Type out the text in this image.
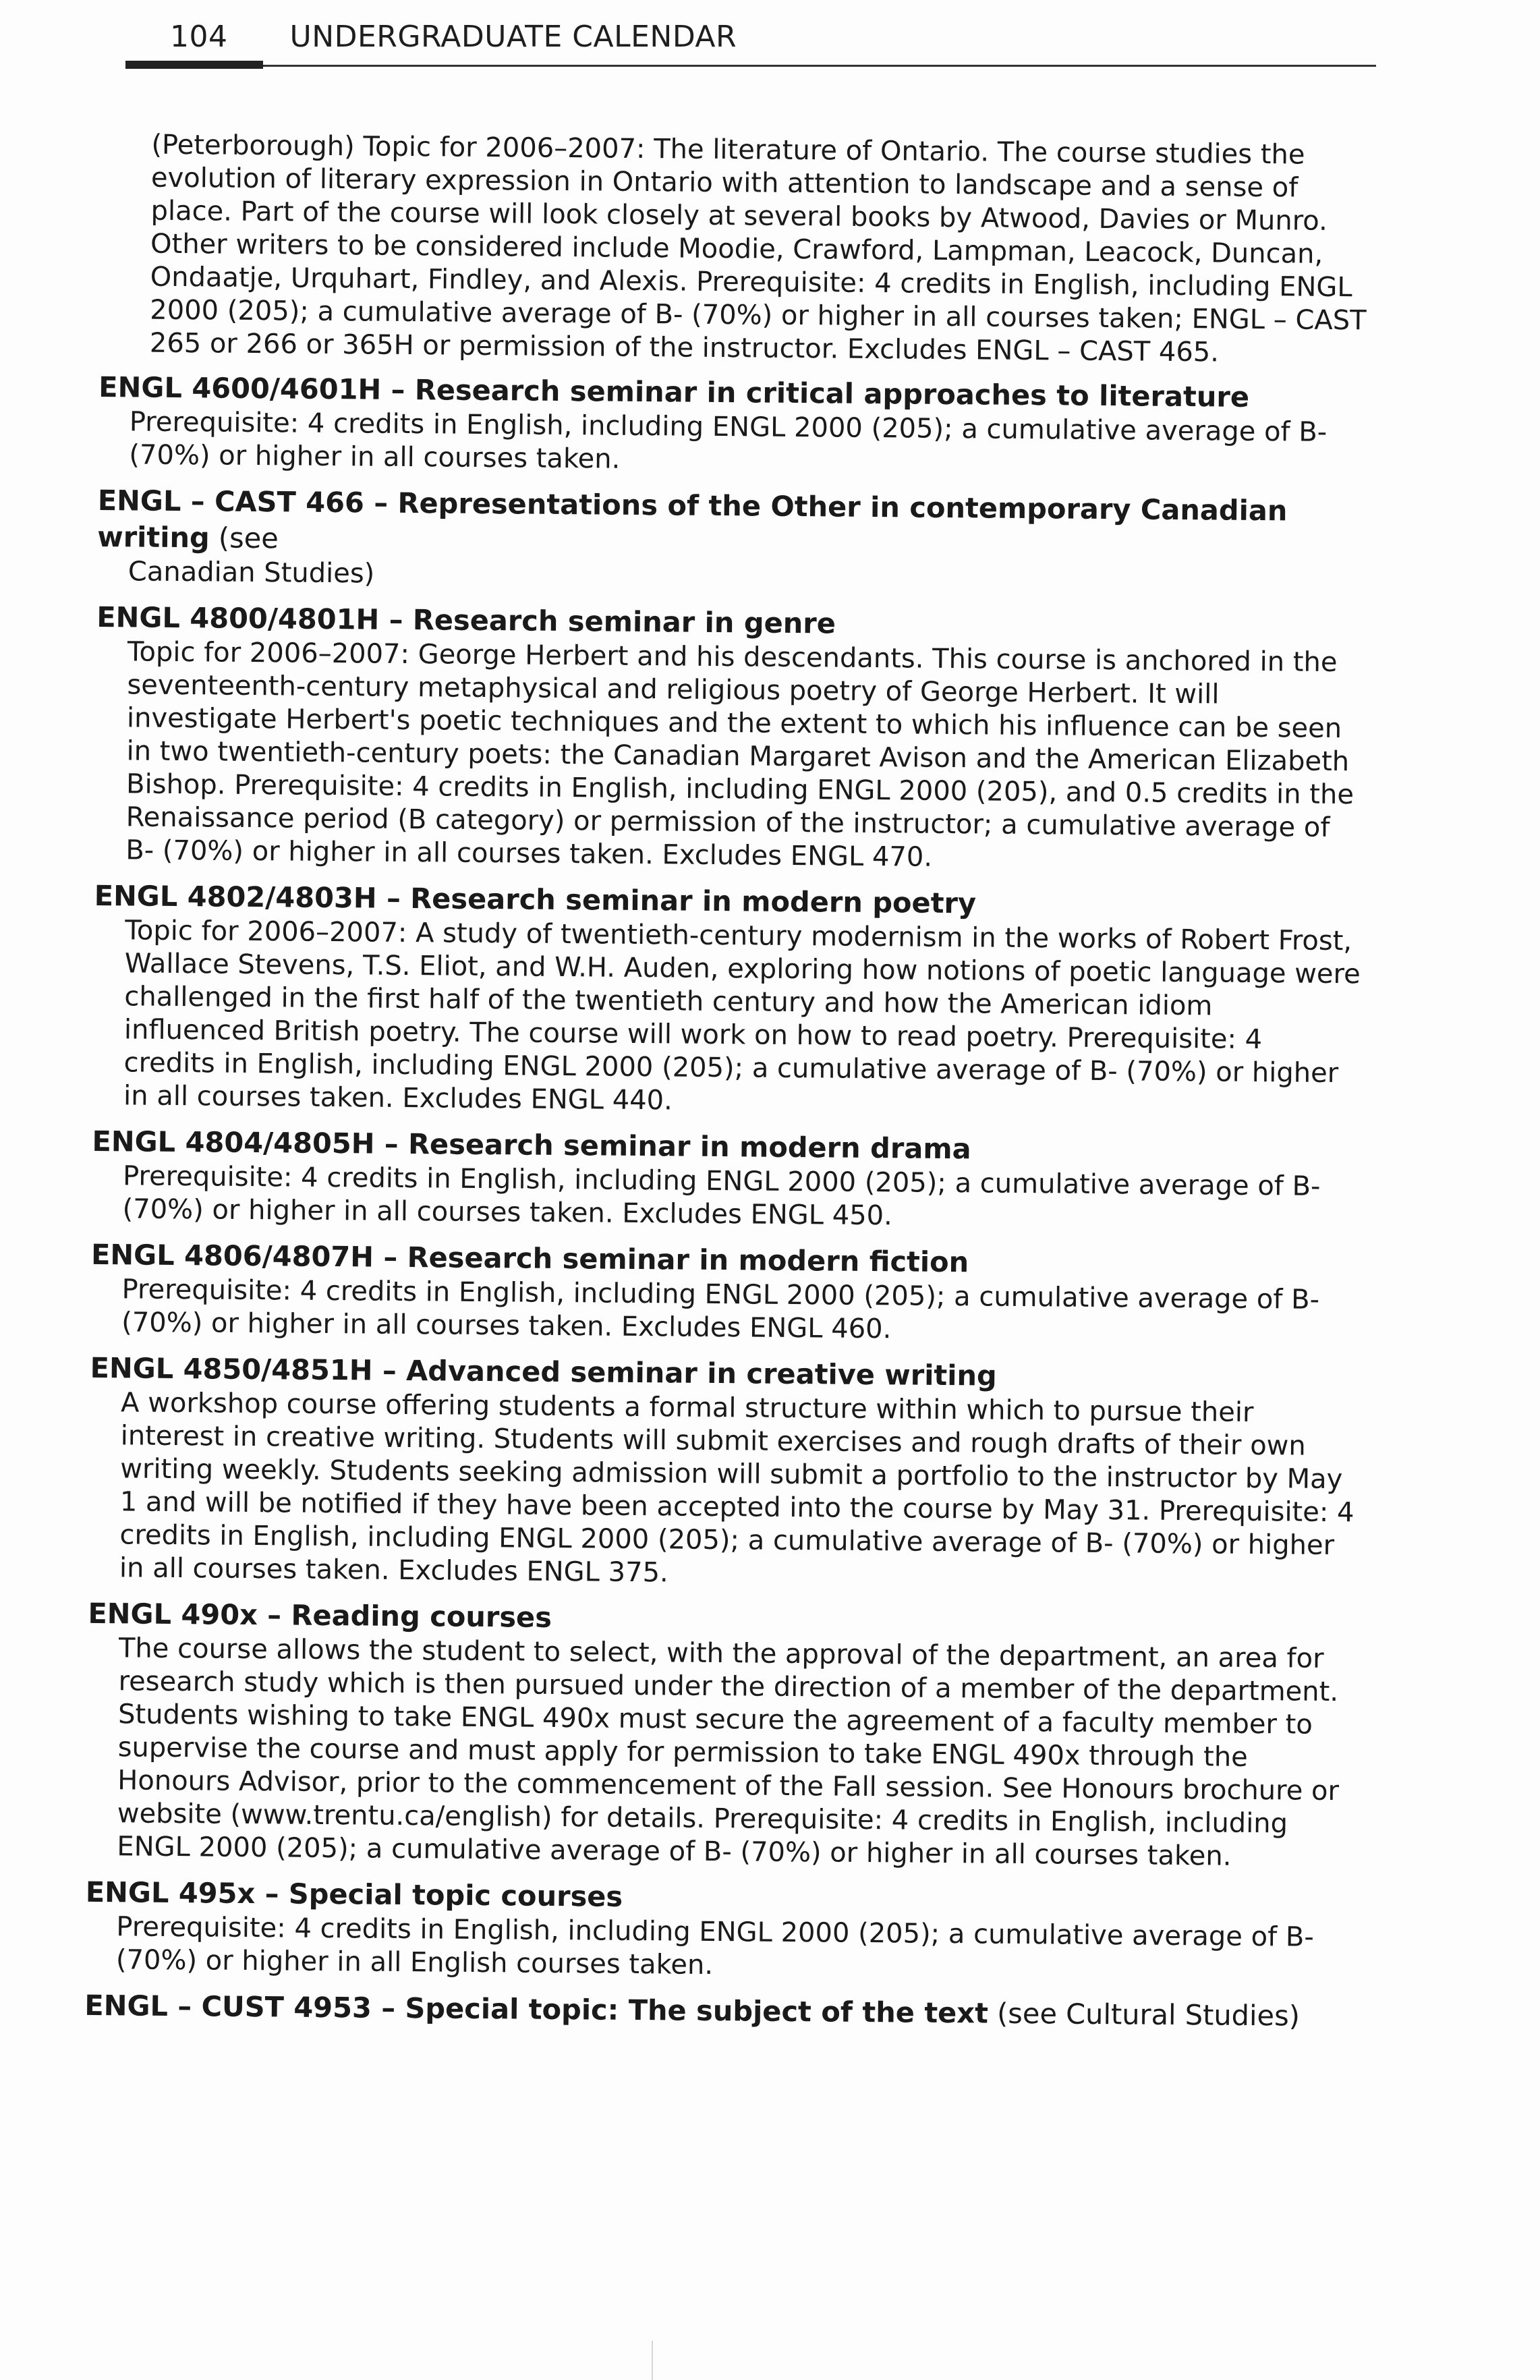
104 UNDERGRADUATE CALENDAR

(Peterborough) Topic for 2006–2007: The literature of Ontario. The course studies the evolution of literary expression in Ontario with attention to landscape and a sense of place. Part of the course will look closely at several books by Atwood, Davies or Munro. Other writers to be considered include Moodie, Crawford, Lampman, Leacock, Duncan, Ondaatje, Urquhart, Findley, and Alexis. Prerequisite: 4 credits in English, including ENGL 2000 (205); a cumulative average of B- (70%) or higher in all courses taken; ENGL – CAST 265 or 266 or 365H or permission of the instructor. Excludes ENGL – CAST 465.

ENGL 4600/4601H – Research seminar in critical approaches to literature
Prerequisite: 4 credits in English, including ENGL 2000 (205); a cumulative average of B- (70%) or higher in all courses taken.
ENGL – CAST 466 – Representations of the Other in contemporary Canadian writing (see
Canadian Studies)
ENGL 4800/4801H – Research seminar in genre
Topic for 2006–2007: George Herbert and his descendants. This course is anchored in the seventeenth-century metaphysical and religious poetry of George Herbert. It will investigate Herbert's poetic techniques and the extent to which his influence can be seen in two twentieth-century poets: the Canadian Margaret Avison and the American Elizabeth Bishop. Prerequisite: 4 credits in English, including ENGL 2000 (205), and 0.5 credits in the Renaissance period (B category) or permission of the instructor; a cumulative average of B- (70%) or higher in all courses taken. Excludes ENGL 470.
ENGL 4802/4803H – Research seminar in modern poetry
Topic for 2006–2007: A study of twentieth-century modernism in the works of Robert Frost, Wallace Stevens, T.S. Eliot, and W.H. Auden, exploring how notions of poetic language were challenged in the first half of the twentieth century and how the American idiom influenced British poetry. The course will work on how to read poetry. Prerequisite: 4 credits in English, including ENGL 2000 (205); a cumulative average of B- (70%) or higher in all courses taken. Excludes ENGL 440.
ENGL 4804/4805H – Research seminar in modern drama
Prerequisite: 4 credits in English, including ENGL 2000 (205); a cumulative average of B- (70%) or higher in all courses taken. Excludes ENGL 450.
ENGL 4806/4807H – Research seminar in modern fiction
Prerequisite: 4 credits in English, including ENGL 2000 (205); a cumulative average of B- (70%) or higher in all courses taken. Excludes ENGL 460.
ENGL 4850/4851H – Advanced seminar in creative writing
A workshop course offering students a formal structure within which to pursue their interest in creative writing. Students will submit exercises and rough drafts of their own writing weekly. Students seeking admission will submit a portfolio to the instructor by May 1 and will be notified if they have been accepted into the course by May 31. Prerequisite: 4 credits in English, including ENGL 2000 (205); a cumulative average of B- (70%) or higher in all courses taken. Excludes ENGL 375.
ENGL 490x – Reading courses
The course allows the student to select, with the approval of the department, an area for research study which is then pursued under the direction of a member of the department. Students wishing to take ENGL 490x must secure the agreement of a faculty member to supervise the course and must apply for permission to take ENGL 490x through the Honours Advisor, prior to the commencement of the Fall session. See Honours brochure or website (www.trentu.ca/english) for details. Prerequisite: 4 credits in English, including ENGL 2000 (205); a cumulative average of B- (70%) or higher in all courses taken.
ENGL 495x – Special topic courses
Prerequisite: 4 credits in English, including ENGL 2000 (205); a cumulative average of B- (70%) or higher in all English courses taken.
ENGL – CUST 4953 – Special topic: The subject of the text (see Cultural Studies)
